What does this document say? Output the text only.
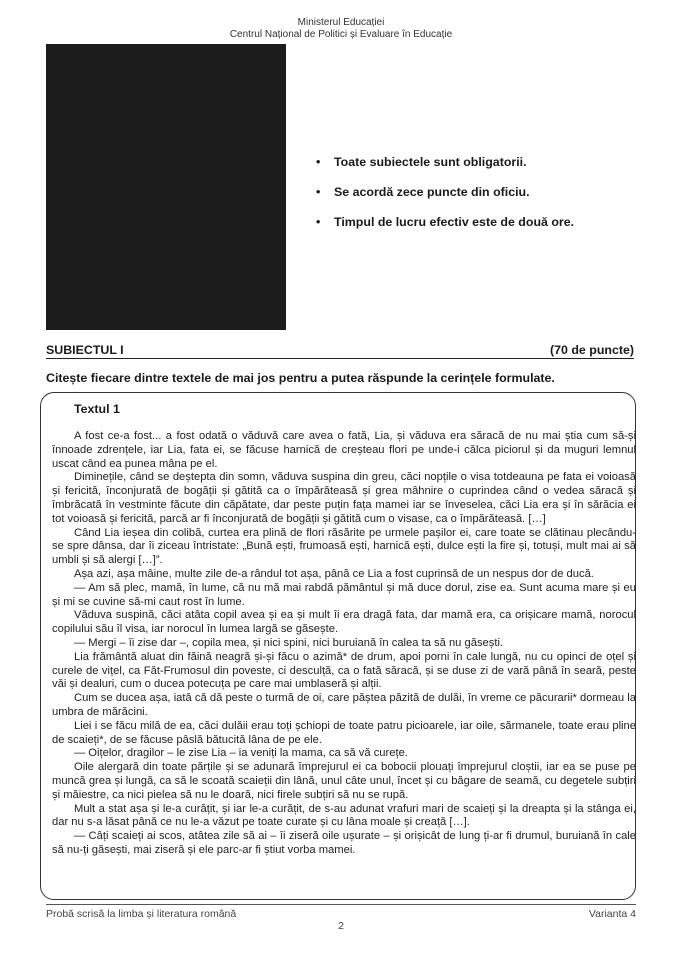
Ministerul Educației
Centrul Național de Politici și Evaluare în Educație
• Toate subiectele sunt obligatorii.
• Se acordă zece puncte din oficiu.
• Timpul de lucru efectiv este de două ore.
SUBIECTUL I	(70 de puncte)
Citește fiecare dintre textele de mai jos pentru a putea răspunde la cerințele formulate.
Textul 1

A fost ce-a fost... a fost odată o văduvă care avea o fată, Lia, și văduva era săracă de nu mai știa cum să-și înnoade zdrențele, iar Lia, fata ei, se făcuse harnică de creșteau flori pe unde-i călca piciorul și da muguri lemnul uscat când ea punea mâna pe el.

Diminețile, când se deștepta din somn, văduva suspina din greu, căci nopțile o visa totdeauna pe fata ei voioasă și fericită, înconjurată de bogății și gătită ca o împărăteasă și grea mâhnire o cuprindea când o vedea săracă și îmbrăcată în vestminte făcute din căpătate, dar peste puțin fața mamei iar se înveselea, căci Lia era și în sărăcia ei tot voioasă și fericită, parcă ar fi înconjurată de bogății și gătită cum o visase, ca o împărăteasă. […]

Când Lia ieșea din colibă, curtea era plină de flori răsărite pe urmele pașilor ei, care toate se clătinau plecându-se spre dânsa, dar îi ziceau întristate: „Bună ești, frumoasă ești, harnică ești, dulce ești la fire și, totuși, mult mai ai să umbli și să alergi […]”.

Așa azi, așa mâine, multe zile de-a rândul tot așa, până ce Lia a fost cuprinsă de un nespus dor de ducă.

— Am să plec, mamă, în lume, că nu mă mai rabdă pământul și mă duce dorul, zise ea. Sunt acuma mare și eu și mi se cuvine să-mi caut rost în lume.

Văduva suspină, căci atâta copil avea și ea și mult îi era dragă fata, dar mamă era, ca orișicare mamă, norocul copilului său îl visa, iar norocul în lumea largă se găsește.

— Mergi – îi zise dar –, copila mea, și nici spini, nici buruiană în calea ta să nu găsești.

Lia frământă aluat din făină neagră și-și făcu o azimă* de drum, apoi porni în cale lungă, nu cu opinci de oțel și curele de vițel, ca Făt-Frumosul din poveste, ci desculță, ca o fată săracă, și se duse zi de vară până în seară, peste văi și dealuri, cum o ducea potecuța pe care mai umblaseră și alții.

Cum se ducea așa, iată că dă peste o turmă de oi, care păștea păzită de dulăi, în vreme ce păcurarii* dormeau la umbra de mărăcini.

Liei i se făcu milă de ea, căci dulăii erau toți șchiopi de toate patru picioarele, iar oile, sărmanele, toate erau pline de scaieți*, de se făcuse pâslă bătucită lâna de pe ele.

— Oițelor, dragilor – le zise Lia – ia veniți la mama, ca să vă curețe.

Oile alergară din toate părțile și se adunară împrejurul ei ca bobocii plouați împrejurul cloștii, iar ea se puse pe muncă grea și lungă, ca să le scoată scaieții din lână, unul câte unul, încet și cu băgare de seamă, cu degetele subțiri și măiestre, ca nici pielea să nu le doară, nici firele subțiri să nu se rupă.

Mult a stat așa și le-a curățit, și iar le-a curățit, de s-au adunat vrafuri mari de scaieți și la dreapta și la stânga ei, dar nu s-a lăsat până ce nu le-a văzut pe toate curate și cu lâna moale și creață […].

— Câți scaieți ai scos, atâtea zile să ai – îi ziseră oile ușurate – și orișicât de lung ți-ar fi drumul, buruiană în cale să nu-ți găsești, mai ziseră și ele parc-ar fi știut vorba mamei.

Probă scrisă la limba și literatura română	Varianta 4
2
